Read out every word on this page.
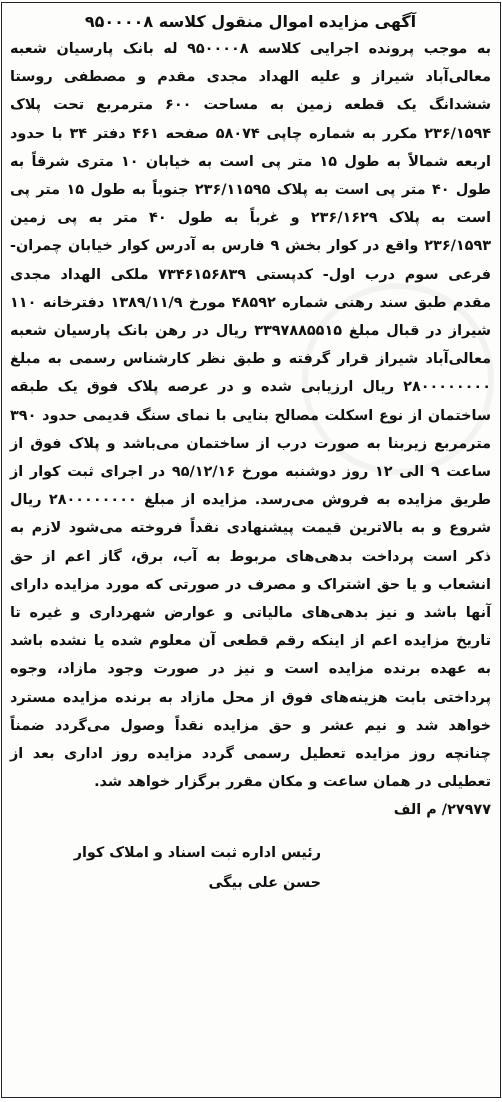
آگهی مزایده اموال منقول کلاسه ۹۵۰۰۰۰۸

به موجب پرونده اجرایی کلاسه ۹۵۰۰۰۰۸ له بانک پارسیان شعبه معالی‌آباد شیراز و علیه الهداد مجدی مقدم و مصطفی روستا ششدانگ یک قطعه زمین به مساحت ۶۰۰ مترمربع تحت پلاک ۲۳۶/۱۵۹۴ مکرر به شماره چاپی ۵۸۰۷۴ صفحه ۴۶۱ دفتر ۳۴ با حدود اربعه شمالاً به طول ۱۵ متر پی است به خیابان ۱۰ متری شرقاً به طول ۴۰ متر پی است به پلاک ۲۳۶/۱۱۵۹۵ جنوباً به طول ۱۵ متر پی است به پلاک ۲۳۶/۱۶۲۹ و غرباً به طول ۴۰ متر به پی زمین ۲۳۶/۱۵۹۳ واقع در کوار بخش ۹ فارس به آدرس کوار خیابان چمران- فرعی سوم درب اول- کدپستی ۷۳۴۶۱۵۶۸۳۹ ملکی الهداد مجدی مقدم طبق سند رهنی شماره ۴۸۵۹۲ مورخ ۱۳۸۹/۱۱/۹ دفترخانه ۱۱۰ شیراز در قبال مبلغ ۳۳۹۷۸۸۵۵۱۵ ریال در رهن بانک پارسیان شعبه معالی‌آباد شیراز قرار گرفته و طبق نظر کارشناس رسمی به مبلغ ۲۸۰۰۰۰۰۰۰۰ ریال ارزیابی شده و در عرصه پلاک فوق یک طبقه ساختمان از نوع اسکلت مصالح بنایی با نمای سنگ قدیمی حدود ۳۹۰ مترمربع زیربنا به صورت درب از ساختمان می‌باشد و پلاک فوق از ساعت ۹ الی ۱۲ روز دوشنبه مورخ ۹۵/۱۲/۱۶ در اجرای ثبت کوار از طریق مزایده به فروش می‌رسد. مزایده از مبلغ ۲۸۰۰۰۰۰۰۰۰ ریال شروع و به بالاترین قیمت پیشنهادی نقداً فروخته می‌شود لازم به ذکر است پرداخت بدهی‌های مربوط به آب، برق، گاز اعم از حق انشعاب و یا حق اشتراک و مصرف در صورتی که مورد مزایده دارای آنها باشد و نیز بدهی‌های مالیاتی و عوارض شهرداری و غیره تا تاریخ مزایده اعم از اینکه رقم قطعی آن معلوم شده یا نشده باشد به عهده برنده مزایده است و نیز در صورت وجود مازاد، وجوه پرداختی بابت هزینه‌های فوق از محل مازاد به برنده مزایده مسترد خواهد شد و نیم عشر و حق مزایده نقداً وصول می‌گردد ضمناً چنانچه روز مزایده تعطیل رسمی گردد مزایده روز اداری بعد از تعطیلی در همان ساعت و مکان مقرر برگزار خواهد شد.

۲۷۹۷۷/ م الف

رئیس اداره ثبت اسناد و املاک کوار
حسن علی بیگی
